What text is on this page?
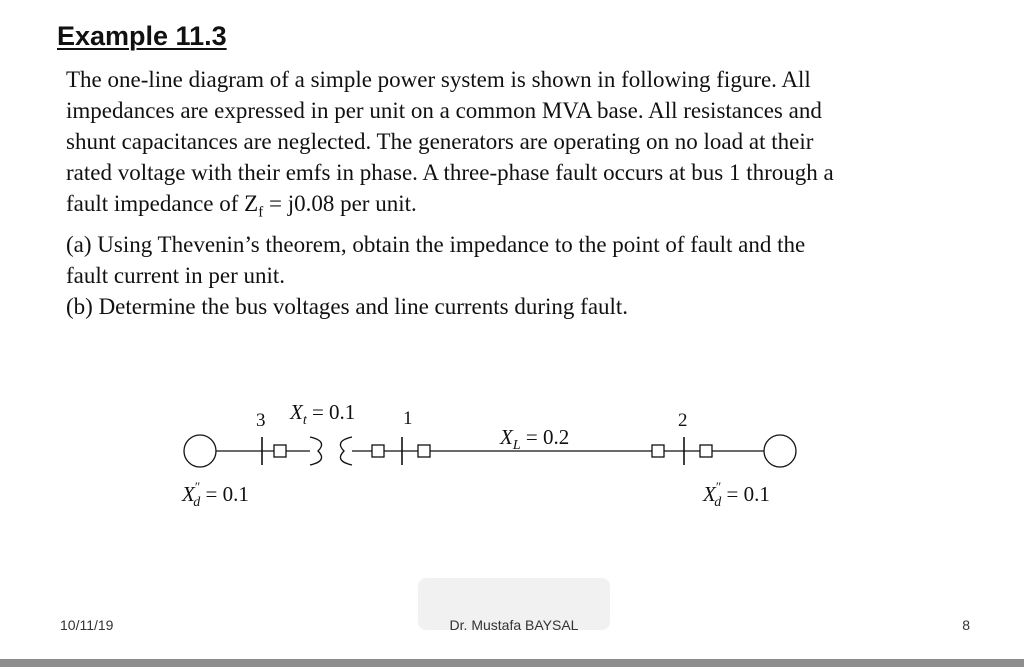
Example 11.3
The one-line diagram of a simple power system is shown in following figure. All
impedances are expressed in per unit on a common MVA base. All resistances and
shunt capacitances are neglected. The generators are operating on no load at their
rated voltage with their emfs in phase. A three-phase fault occurs at bus 1 through a
fault impedance of $Z_f = j0.08$ per unit.
(a) Using Thevenin’s theorem, obtain the impedance to the point of fault and the
fault current in per unit.
(b) Determine the bus voltages and line currents during fault.
3 $X_t = 0.1$	1
$X_L = 0.2$
2
X″ d = 0.1	X″ d = 0.1
10/11/19	Dr. Mustafa BAYSAL	8
